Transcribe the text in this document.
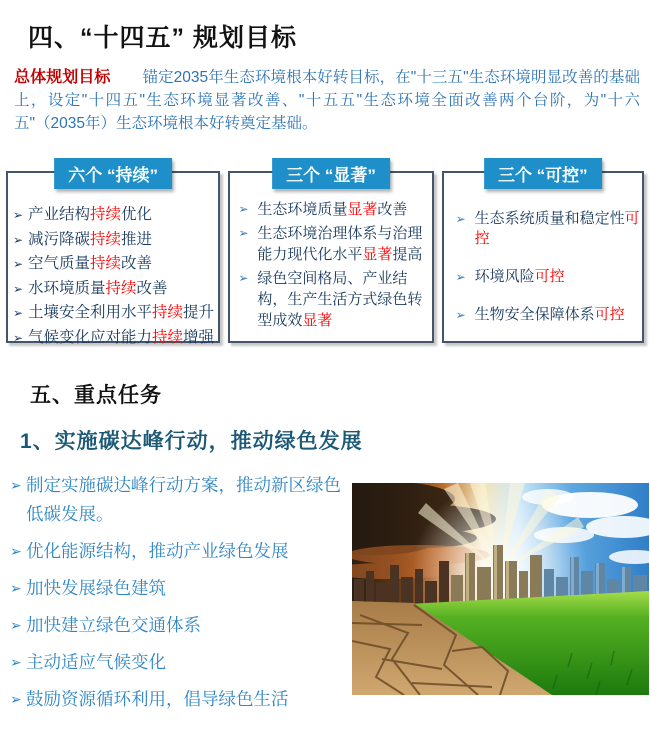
四、“十四五” 规划目标

总体规划目标 锚定2035年生态环境根本好转目标，在"十三五"生态环境明显改善的基础上，设定"十四五"生态环境显著改善、"十五五"生态环境全面改善两个台阶，为"十六五"（2035年）生态环境根本好转奠定基础。

六个 “持续”
➢ 产业结构持续优化
➢ 减污降碳持续推进
➢ 空气质量持续改善
➢ 水环境质量持续改善
➢ 土壤安全利用水平持续提升
➢ 气候变化应对能力持续增强
三个 “显著”
➢ 生态环境质量显著改善
➢ 生态环境治理体系与治理能力现代化水平显著提高
➢ 绿色空间格局、产业结构，生产生活方式绿色转型成效显著
三个 “可控”
➢ 生态系统质量和稳定性可控
➢ 环境风险可控
➢ 生物安全保障体系可控
五、重点任务
1、实施碳达峰行动，推动绿色发展
➢ 制定实施碳达峰行动方案，推动新区绿色低碳发展。
➢ 优化能源结构，推动产业绿色发展
➢ 加快发展绿色建筑
➢ 加快建立绿色交通体系
➢ 主动适应气候变化
➢ 鼓励资源循环利用，倡导绿色生活
